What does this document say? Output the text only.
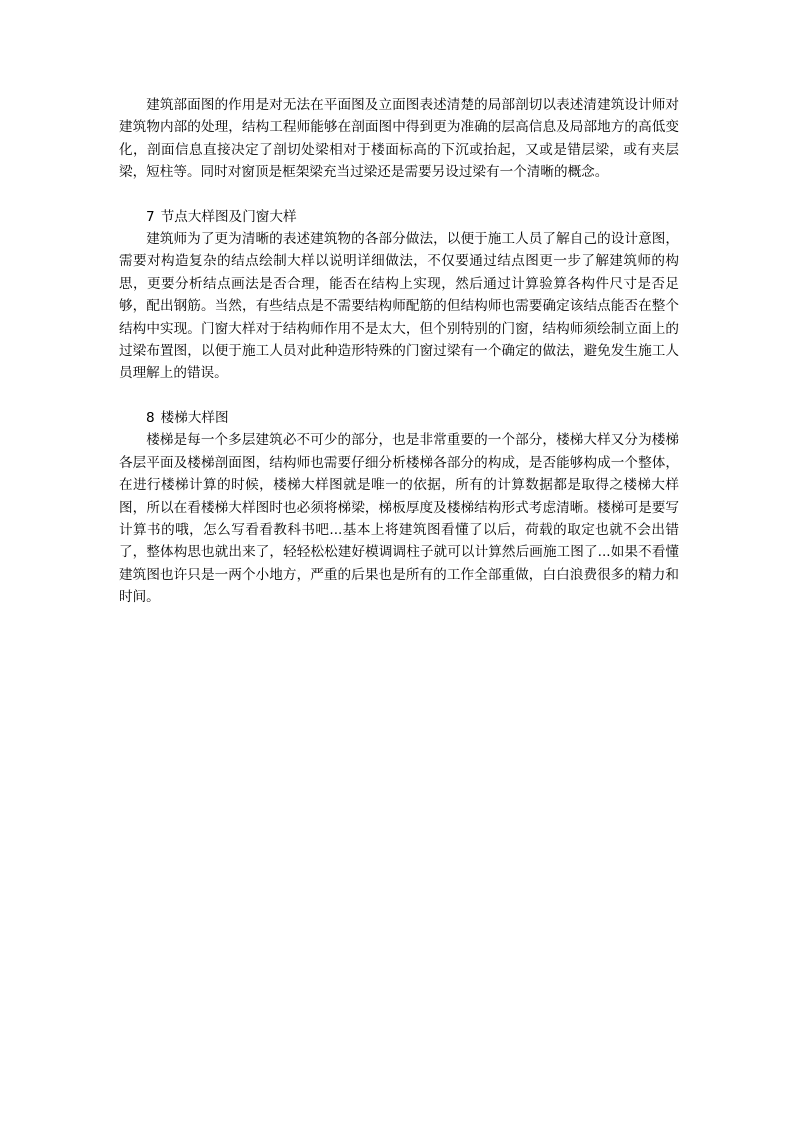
建筑部面图的作用是对无法在平面图及立面图表述清楚的局部剖切以表述清建筑设计师对建筑物内部的处理，结构工程师能够在剖面图中得到更为准确的层高信息及局部地方的高低变化，剖面信息直接决定了剖切处梁相对于楼面标高的下沉或抬起，又或是错层梁，或有夹层梁，短柱等。同时对窗顶是框架梁充当过梁还是需要另设过梁有一个清晰的概念。

7 节点大样图及门窗大样

建筑师为了更为清晰的表述建筑物的各部分做法，以便于施工人员了解自己的设计意图，需要对构造复杂的结点绘制大样以说明详细做法，不仅要通过结点图更一步了解建筑师的构思，更要分析结点画法是否合理，能否在结构上实现，然后通过计算验算各构件尺寸是否足够，配出钢筋。当然，有些结点是不需要结构师配筋的但结构师也需要确定该结点能否在整个结构中实现。门窗大样对于结构师作用不是太大，但个别特别的门窗，结构师须绘制立面上的过梁布置图，以便于施工人员对此种造形特殊的门窗过梁有一个确定的做法，避免发生施工人员理解上的错误。

8 楼梯大样图

楼梯是每一个多层建筑必不可少的部分，也是非常重要的一个部分，楼梯大样又分为楼梯各层平面及楼梯剖面图，结构师也需要仔细分析楼梯各部分的构成，是否能够构成一个整体，在进行楼梯计算的时候，楼梯大样图就是唯一的依据，所有的计算数据都是取得之楼梯大样图，所以在看楼梯大样图时也必须将梯梁，梯板厚度及楼梯结构形式考虑清晰。楼梯可是要写计算书的哦，怎么写看看教科书吧...基本上将建筑图看懂了以后，荷载的取定也就不会出错了，整体构思也就出来了，轻轻松松建好模调调柱子就可以计算然后画施工图了...如果不看懂建筑图也许只是一两个小地方，严重的后果也是所有的工作全部重做，白白浪费很多的精力和时间。
